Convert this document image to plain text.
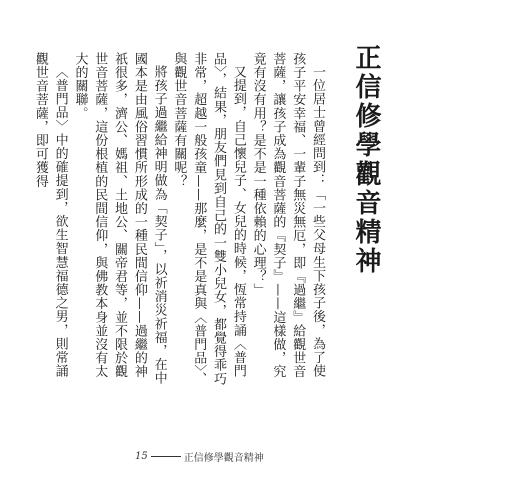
正信修學觀音精神

一位居士曾經問到：「一些父母生下孩子後，為了使孩子平安幸福、一輩子無災無厄，即『過繼』給觀世音菩薩，讓孩子成為觀音菩薩的『契子』——這樣做，究竟有沒有用？是不是一種依賴的心理？」

又提到，自己懷兒子、女兒的時候，恆常持誦〈普門品〉，結果，朋友們見到自己的一雙小兒女，都覺得乖巧非常，超越一般孩童——那麼，是不是真與〈普門品〉、與觀世音菩薩有關呢？

將孩子過繼給神明做為「契子」，以祈消災祈福，在中國本是由風俗習慣所形成的一種民間信仰——過繼的神祇很多，濟公、媽祖、土地公、關帝君等，並不限於觀世音菩薩，這份根植的民間信仰，與佛教本身並沒有太大的關聯。

〈普門品〉中的確提到，欲生智慧福德之男，則常誦觀世音菩薩，即可獲得

15	正信修學觀音精神
